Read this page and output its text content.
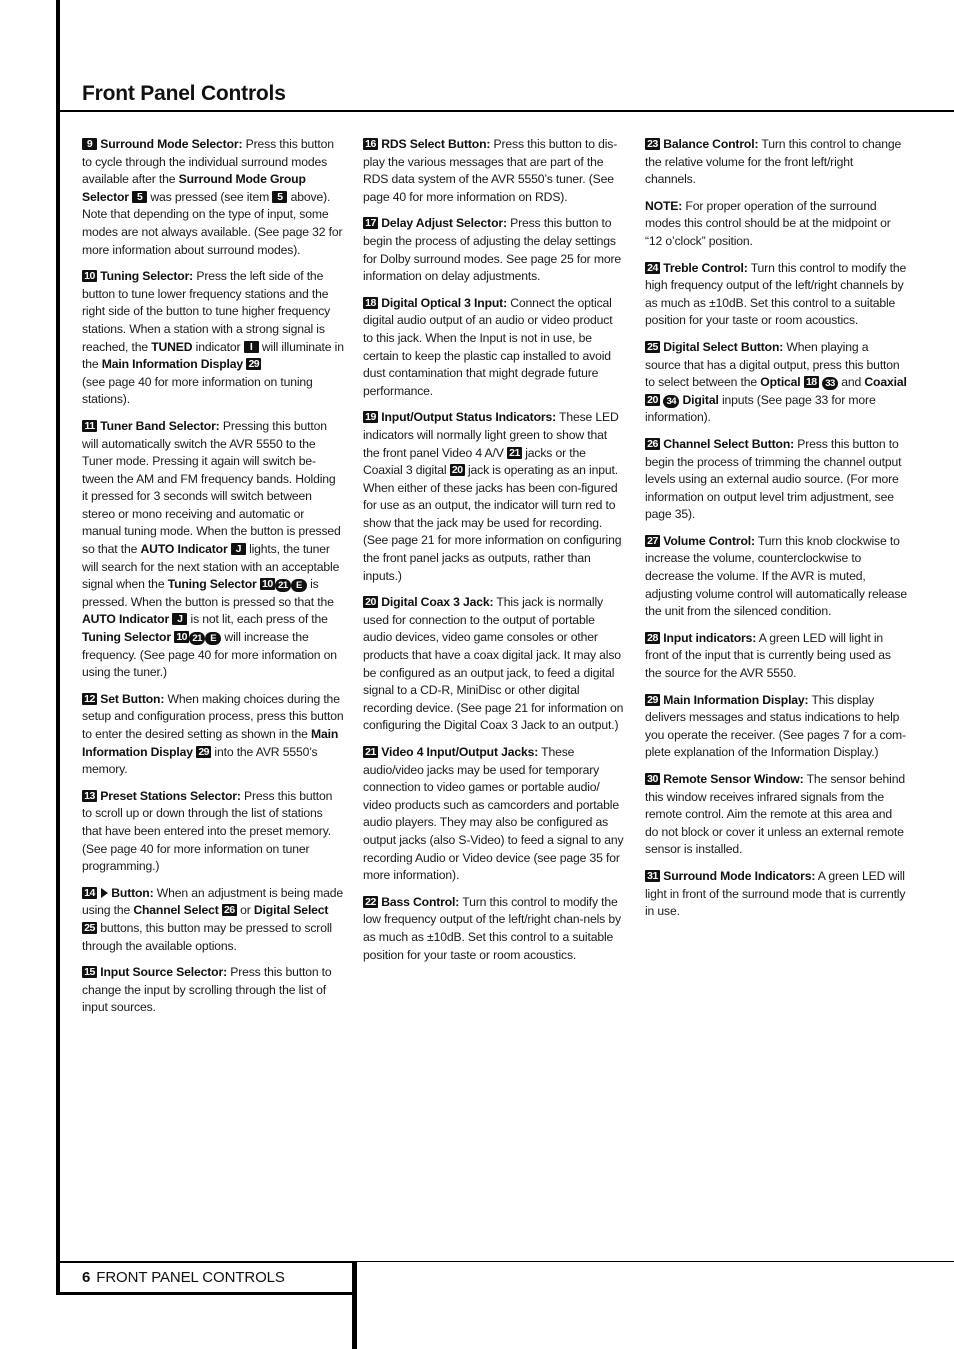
Front Panel Controls

9 Surround Mode Selector: Press this button to cycle through the individual surround modes available after the Surround Mode Group Selector 5 was pressed (see item 5 above). Note that depending on the type of input, some modes are not always available. (See page 32 for more information about surround modes).

10 Tuning Selector: Press the left side of the button to tune lower frequency stations and the right side of the button to tune higher frequency stations. When a station with a strong signal is reached, the TUNED indicator I will illuminate in the Main Information Display 29
(see page 40 for more information on tuning stations).

11 Tuner Band Selector: Pressing this button will automatically switch the AVR 5550 to the Tuner mode. Pressing it again will switch be-tween the AM and FM frequency bands. Holding it pressed for 3 seconds will switch between stereo or mono receiving and automatic or manual tuning mode. When the button is pressed so that the AUTO Indicator J lights, the tuner will search for the next station with an acceptable signal when the Tuning Selector 10 21 E is pressed. When the button is pressed so that the AUTO Indicator J is not lit, each press of the Tuning Selector 10 21 E will increase the frequency. (See page 40 for more information on using the tuner.)

12 Set Button: When making choices during the setup and configuration process, press this button to enter the desired setting as shown in the Main Information Display 29 into the AVR 5550’s memory.

13 Preset Stations Selector: Press this button to scroll up or down through the list of stations that have been entered into the preset memory. (See page 40 for more information on tuner programming.)

14 Button: When an adjustment is being made using the Channel Select 26 or Digital Select 25 buttons, this button may be pressed to scroll through the available options.

15 Input Source Selector: Press this button to change the input by scrolling through the list of input sources.

16 RDS Select Button: Press this button to dis-play the various messages that are part of the RDS data system of the AVR 5550’s tuner. (See page 40 for more information on RDS).

17 Delay Adjust Selector: Press this button to begin the process of adjusting the delay settings for Dolby surround modes. See page 25 for more information on delay adjustments.

18 Digital Optical 3 Input: Connect the optical digital audio output of an audio or video product to this jack. When the Input is not in use, be certain to keep the plastic cap installed to avoid dust contamination that might degrade future performance.

19 Input/Output Status Indicators: These LED indicators will normally light green to show that the front panel Video 4 A/V 21 jacks or the Coaxial 3 digital 20 jack is operating as an input. When either of these jacks has been con-figured for use as an output, the indicator will turn red to show that the jack may be used for recording. (See page 21 for more information on configuring the front panel jacks as outputs, rather than inputs.)

20 Digital Coax 3 Jack: This jack is normally used for connection to the output of portable audio devices, video game consoles or other products that have a coax digital jack. It may also be configured as an output jack, to feed a digital signal to a CD-R, MiniDisc or other digital recording device. (See page 21 for information on configuring the Digital Coax 3 Jack to an output.)

21 Video 4 Input/Output Jacks: These audio/video jacks may be used for temporary connection to video games or portable audio/ video products such as camcorders and portable audio players. They may also be configured as output jacks (also S-Video) to feed a signal to any recording Audio or Video device (see page 35 for more information).

22 Bass Control: Turn this control to modify the low frequency output of the left/right chan-nels by as much as ±10dB. Set this control to a suitable position for your taste or room acoustics.

23 Balance Control: Turn this control to change the relative volume for the front left/right channels.

NOTE: For proper operation of the surround modes this control should be at the midpoint or “12 o’clock” position.

24 Treble Control: Turn this control to modify the high frequency output of the left/right channels by as much as ±10dB. Set this control to a suitable position for your taste or room acoustics.

25 Digital Select Button: When playing a source that has a digital output, press this button to select between the Optical 18 33 and Coaxial 20 34 Digital inputs (See page 33 for more information).

26 Channel Select Button: Press this button to begin the process of trimming the channel output levels using an external audio source. (For more information on output level trim adjustment, see page 35).

27 Volume Control: Turn this knob clockwise to increase the volume, counterclockwise to decrease the volume. If the AVR is muted, adjusting volume control will automatically release the unit from the silenced condition.

28 Input indicators: A green LED will light in front of the input that is currently being used as the source for the AVR 5550.

29 Main Information Display: This display delivers messages and status indications to help you operate the receiver. (See pages 7 for a com-plete explanation of the Information Display.)

30 Remote Sensor Window: The sensor behind this window receives infrared signals from the remote control. Aim the remote at this area and do not block or cover it unless an external remote sensor is installed.

31 Surround Mode Indicators: A green LED will light in front of the surround mode that is currently in use.

6 FRONT PANEL CONTROLS
